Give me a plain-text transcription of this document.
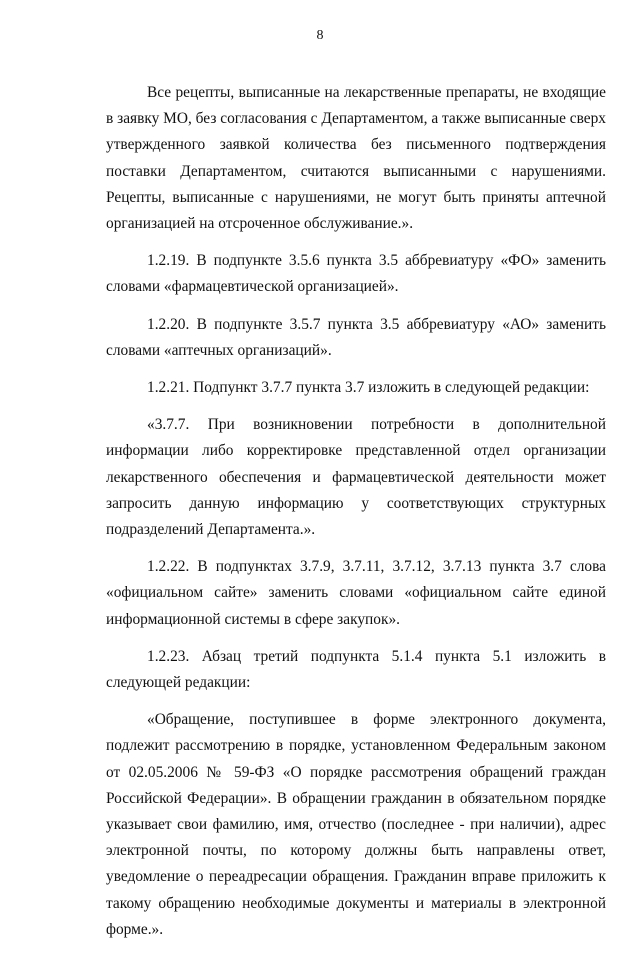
8

Все рецепты, выписанные на лекарственные препараты, не входящие в заявку МО, без согласования с Департаментом, а также выписанные сверх утвержденного заявкой количества без письменного подтверждения поставки Департаментом, считаются выписанными с нарушениями. Рецепты, выписанные с нарушениями, не могут быть приняты аптечной организацией на отсроченное обслуживание.».

1.2.19. В подпункте 3.5.6 пункта 3.5 аббревиатуру «ФО» заменить словами «фармацевтической организацией».

1.2.20. В подпункте 3.5.7 пункта 3.5 аббревиатуру «АО» заменить словами «аптечных организаций».

1.2.21. Подпункт 3.7.7 пункта 3.7 изложить в следующей редакции:

«3.7.7. При возникновении потребности в дополнительной информации либо корректировке представленной отдел организации лекарственного обеспечения и фармацевтической деятельности может запросить данную информацию у соответствующих структурных подразделений Департамента.».

1.2.22. В подпунктах 3.7.9, 3.7.11, 3.7.12, 3.7.13 пункта 3.7 слова «официальном сайте» заменить словами «официальном сайте единой информационной системы в сфере закупок».

1.2.23. Абзац третий подпункта 5.1.4 пункта 5.1 изложить в следующей редакции:

«Обращение, поступившее в форме электронного документа, подлежит рассмотрению в порядке, установленном Федеральным законом от 02.05.2006 № 59-ФЗ «О порядке рассмотрения обращений граждан Российской Федерации». В обращении гражданин в обязательном порядке указывает свои фамилию, имя, отчество (последнее - при наличии), адрес электронной почты, по которому должны быть направлены ответ, уведомление о переадресации обращения. Гражданин вправе приложить к такому обращению необходимые документы и материалы в электронной форме.».
